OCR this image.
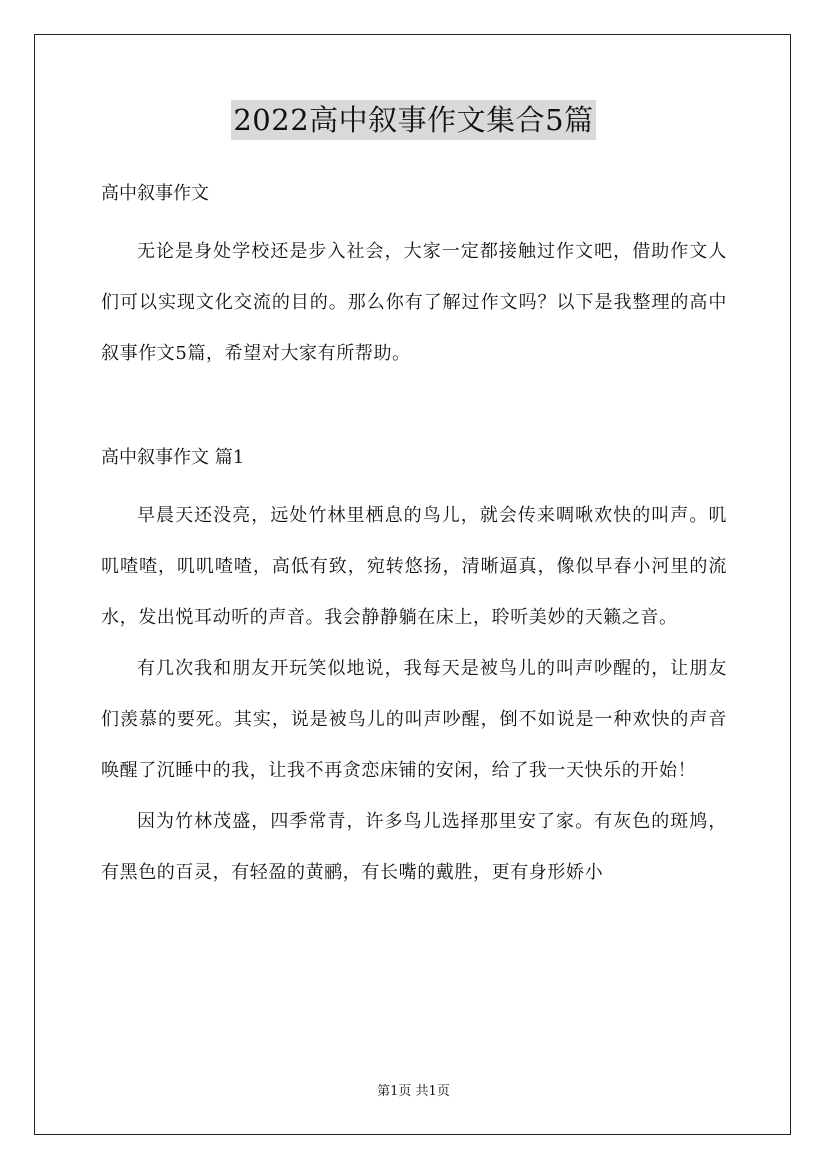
2022高中叙事作文集合5篇

高中叙事作文

无论是身处学校还是步入社会，大家一定都接触过作文吧，借助作文人们可以实现文化交流的目的。那么你有了解过作文吗？以下是我整理的高中叙事作文5篇，希望对大家有所帮助。

高中叙事作文 篇1

早晨天还没亮，远处竹林里栖息的鸟儿，就会传来啁啾欢快的叫声。叽叽喳喳，叽叽喳喳，高低有致，宛转悠扬，清晰逼真，像似早春小河里的流水，发出悦耳动听的声音。我会静静躺在床上，聆听美妙的天籁之音。

有几次我和朋友开玩笑似地说，我每天是被鸟儿的叫声吵醒的，让朋友们羡慕的要死。其实，说是被鸟儿的叫声吵醒，倒不如说是一种欢快的声音唤醒了沉睡中的我，让我不再贪恋床铺的安闲，给了我一天快乐的开始！

因为竹林茂盛，四季常青，许多鸟儿选择那里安了家。有灰色的斑鸠，有黑色的百灵，有轻盈的黄鹂，有长嘴的戴胜，更有身形娇小

第1页 共1页
